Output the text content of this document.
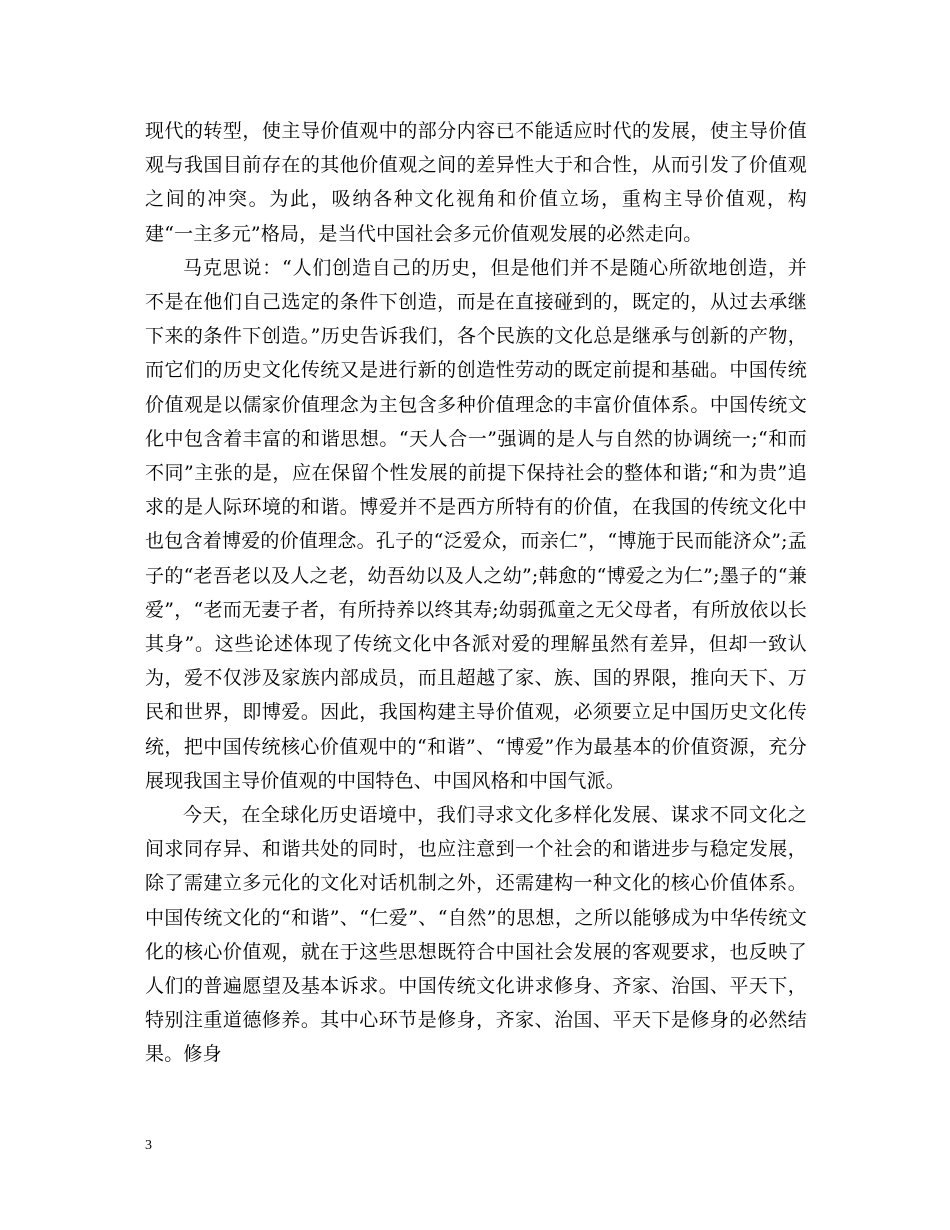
现代的转型，使主导价值观中的部分内容已不能适应时代的发展，使主导价值观与我国目前存在的其他价值观之间的差异性大于和合性，从而引发了价值观之间的冲突。为此，吸纳各种文化视角和价值立场，重构主导价值观，构建“一主多元”格局，是当代中国社会多元价值观发展的必然走向。

马克思说：“人们创造自己的历史，但是他们并不是随心所欲地创造，并不是在他们自己选定的条件下创造，而是在直接碰到的，既定的，从过去承继下来的条件下创造。”历史告诉我们，各个民族的文化总是继承与创新的产物，而它们的历史文化传统又是进行新的创造性劳动的既定前提和基础。中国传统价值观是以儒家价值理念为主包含多种价值理念的丰富价值体系。中国传统文化中包含着丰富的和谐思想。“天人合一”强调的是人与自然的协调统一;“和而不同”主张的是，应在保留个性发展的前提下保持社会的整体和谐;“和为贵”追求的是人际环境的和谐。博爱并不是西方所特有的价值，在我国的传统文化中也包含着博爱的价值理念。孔子的“泛爱众，而亲仁”，“博施于民而能济众”;孟子的“老吾老以及人之老，幼吾幼以及人之幼”;韩愈的“博爱之为仁”;墨子的“兼爱”，“老而无妻子者，有所持养以终其寿;幼弱孤童之无父母者，有所放依以长其身”。这些论述体现了传统文化中各派对爱的理解虽然有差异，但却一致认为，爱不仅涉及家族内部成员，而且超越了家、族、国的界限，推向天下、万民和世界，即博爱。因此，我国构建主导价值观，必须要立足中国历史文化传统，把中国传统核心价值观中的“和谐”、“博爱”作为最基本的价值资源，充分展现我国主导价值观的中国特色、中国风格和中国气派。

今天，在全球化历史语境中，我们寻求文化多样化发展、谋求不同文化之间求同存异、和谐共处的同时，也应注意到一个社会的和谐进步与稳定发展，除了需建立多元化的文化对话机制之外，还需建构一种文化的核心价值体系。中国传统文化的“和谐”、“仁爱”、“自然”的思想，之所以能够成为中华传统文化的核心价值观，就在于这些思想既符合中国社会发展的客观要求，也反映了人们的普遍愿望及基本诉求。中国传统文化讲求修身、齐家、治国、平天下，特别注重道德修养。其中心环节是修身，齐家、治国、平天下是修身的必然结果。修身

3
